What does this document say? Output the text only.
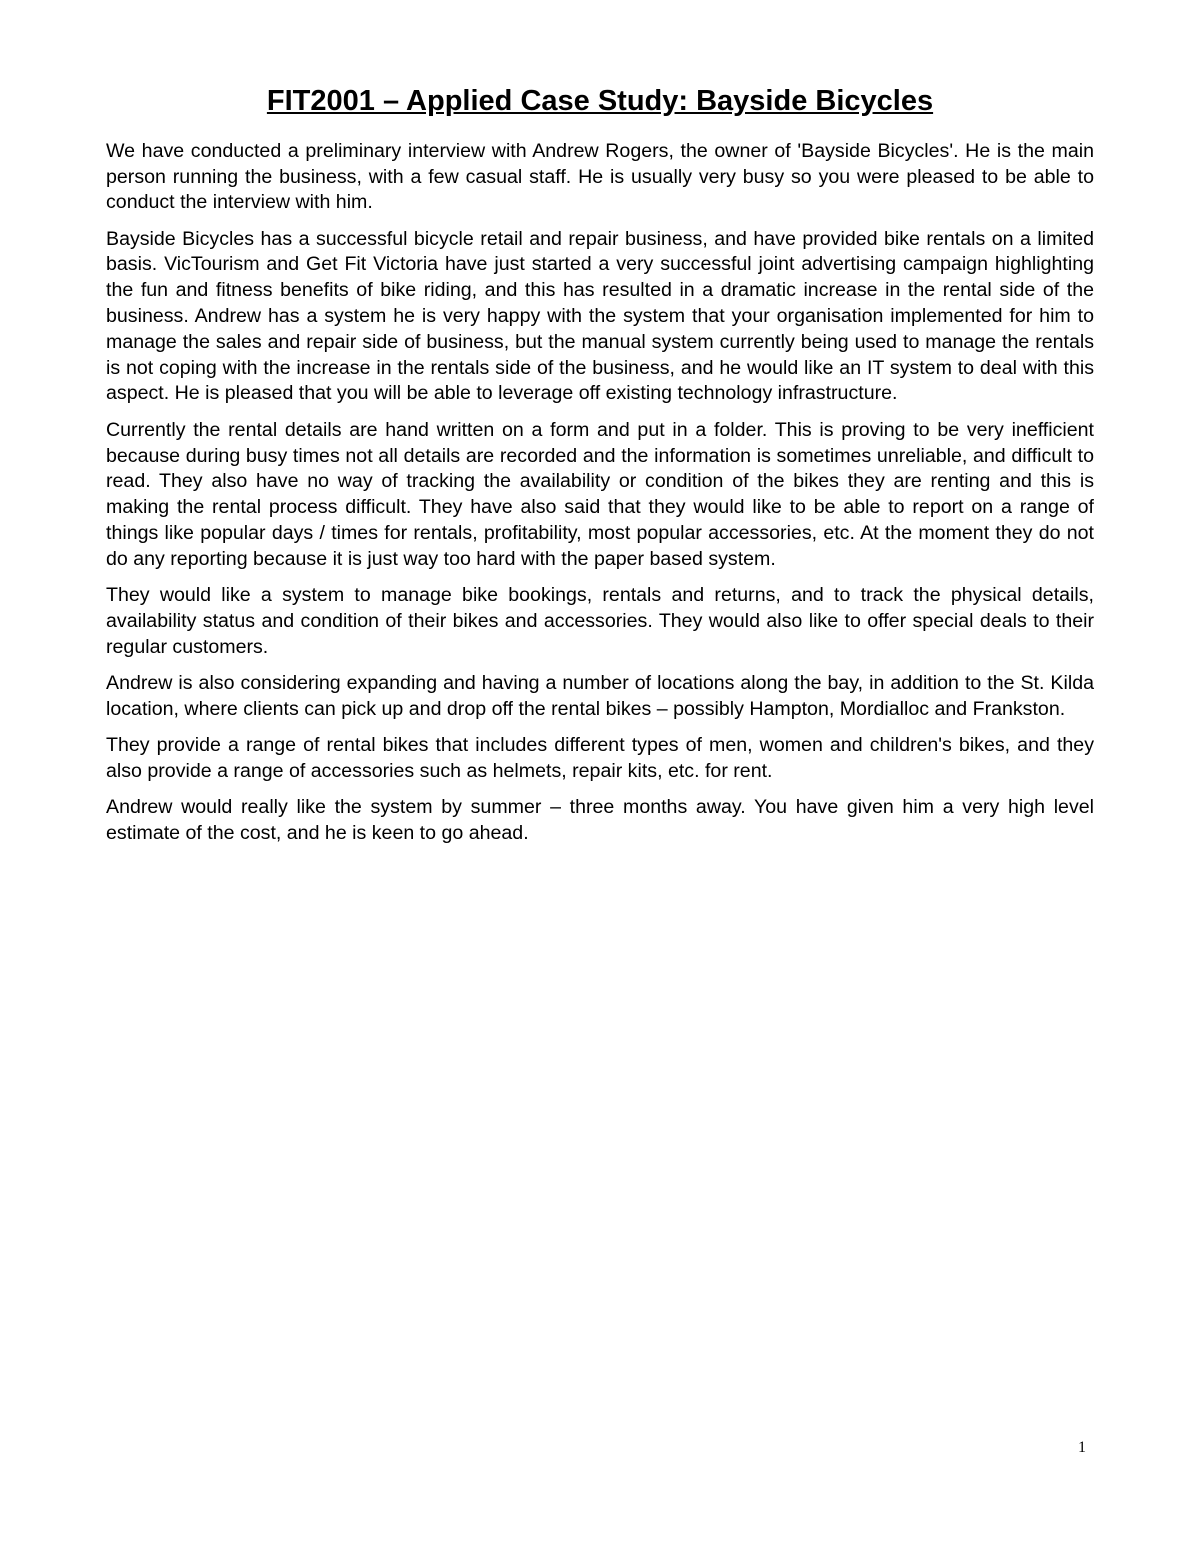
FIT2001 – Applied Case Study: Bayside Bicycles

We have conducted a preliminary interview with Andrew Rogers, the owner of 'Bayside Bicycles'. He is the main person running the business, with a few casual staff. He is usually very busy so you were pleased to be able to conduct the interview with him.

Bayside Bicycles has a successful bicycle retail and repair business, and have provided bike rentals on a limited basis. VicTourism and Get Fit Victoria have just started a very successful joint advertising campaign highlighting the fun and fitness benefits of bike riding, and this has resulted in a dramatic increase in the rental side of the business. Andrew has a system he is very happy with the system that your organisation implemented for him to manage the sales and repair side of business, but the manual system currently being used to manage the rentals is not coping with the increase in the rentals side of the business, and he would like an IT system to deal with this aspect. He is pleased that you will be able to leverage off existing technology infrastructure.

Currently the rental details are hand written on a form and put in a folder. This is proving to be very inefficient because during busy times not all details are recorded and the information is sometimes unreliable, and difficult to read. They also have no way of tracking the availability or condition of the bikes they are renting and this is making the rental process difficult. They have also said that they would like to be able to report on a range of things like popular days / times for rentals, profitability, most popular accessories, etc. At the moment they do not do any reporting because it is just way too hard with the paper based system.

They would like a system to manage bike bookings, rentals and returns, and to track the physical details, availability status and condition of their bikes and accessories. They would also like to offer special deals to their regular customers.

Andrew is also considering expanding and having a number of locations along the bay, in addition to the St. Kilda location, where clients can pick up and drop off the rental bikes – possibly Hampton, Mordialloc and Frankston.

They provide a range of rental bikes that includes different types of men, women and children's bikes, and they also provide a range of accessories such as helmets, repair kits, etc. for rent.

Andrew would really like the system by summer – three months away. You have given him a very high level estimate of the cost, and he is keen to go ahead.

1
